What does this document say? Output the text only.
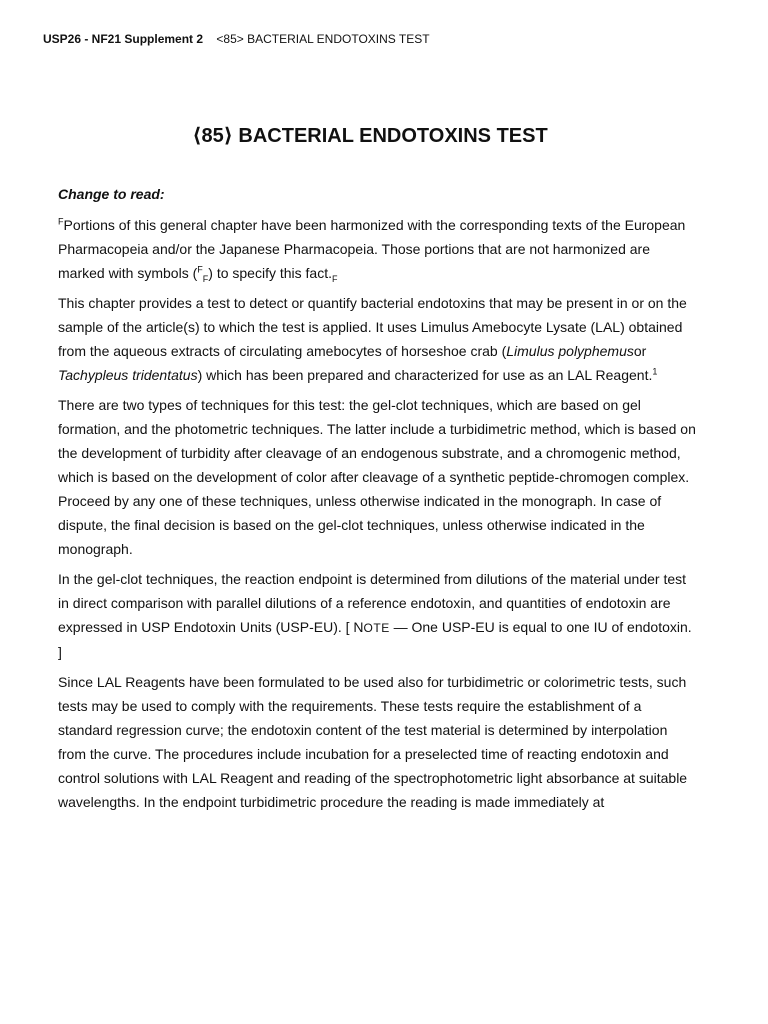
USP26 - NF21 Supplement 2 <85> BACTERIAL ENDOTOXINS TEST
⟨85⟩ BACTERIAL ENDOTOXINS TEST

Change to read:

$^F$Portions of this general chapter have been harmonized with the corresponding texts of the European Pharmacopeia and/or the Japanese Pharmacopeia. Those portions that are not harmonized are marked with symbols ($^F_F$) to specify this $fact._F$

This chapter provides a test to detect or quantify bacterial endotoxins that may be present in or on the sample of the article(s) to which the test is applied. It uses Limulus Amebocyte Lysate (LAL) obtained from the aqueous extracts of circulating amebocytes of horseshoe crab (Limulus polyphemusor Tachypleus tridentatus) which has been prepared and characterized for use as an LAL Reagent.$^1$

There are two types of techniques for this test: the gel-clot techniques, which are based on gel formation, and the photometric techniques. The latter include a turbidimetric method, which is based on the development of turbidity after cleavage of an endogenous substrate, and a chromogenic method, which is based on the development of color after cleavage of a synthetic peptide-chromogen complex. Proceed by any one of these techniques, unless otherwise indicated in the monograph. In case of dispute, the final decision is based on the gel-clot techniques, unless otherwise indicated in the monograph.

In the gel-clot techniques, the reaction endpoint is determined from dilutions of the material under test in direct comparison with parallel dilutions of a reference endotoxin, and quantities of endotoxin are expressed in USP Endotoxin Units (USP-EU). [ NOTE — One USP-EU is equal to one IU of endotoxin. ]

Since LAL Reagents have been formulated to be used also for turbidimetric or colorimetric tests, such tests may be used to comply with the requirements. These tests require the establishment of a standard regression curve; the endotoxin content of the test material is determined by interpolation from the curve. The procedures include incubation for a preselected time of reacting endotoxin and control solutions with LAL Reagent and reading of the spectrophotometric light absorbance at suitable wavelengths. In the endpoint turbidimetric procedure the reading is made immediately at
